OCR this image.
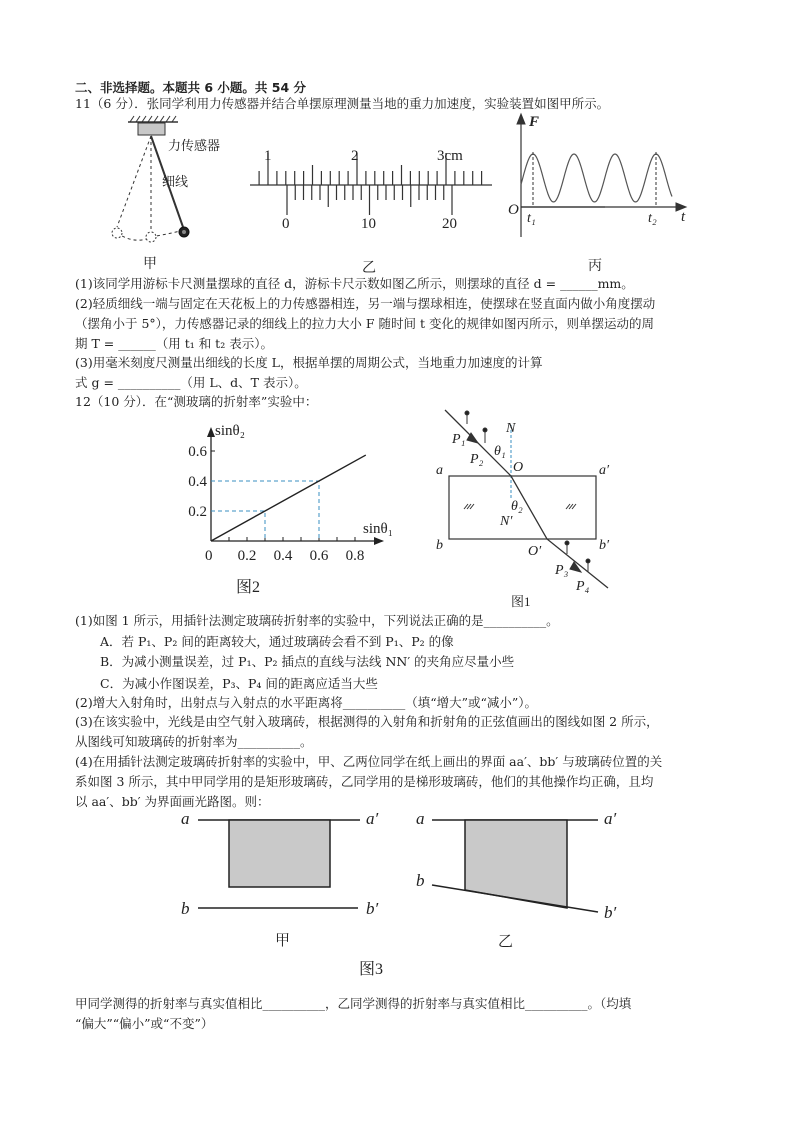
二、非选择题。本题共 6 小题。共 54 分
11（6 分）．张同学利用力传感器并结合单摆原理测量当地的重力加速度，实验装置如图甲所示。
力传感器
细线
甲
1	2	3cm
0	10	20
乙
F
O
t₁	t₂ t
丙
(1)该同学用游标卡尺测量摆球的直径 d，游标卡尺示数如图乙所示，则摆球的直径 d = ______mm。
(2)轻质细线一端与固定在天花板上的力传感器相连，另一端与摆球相连，使摆球在竖直面内做小角度摆动
（摆角小于 5°），力传感器记录的细线上的拉力大小 F 随时间 t 变化的规律如图丙所示，则单摆运动的周
期 T = ______（用 t₁ 和 t₂ 表示）。
(3)用毫米刻度尺测量出细线的长度 L，根据单摆的周期公式，当地重力加速度的计算
式 g = __________（用 L、d、T 表示）。
12（10 分）．在“测玻璃的折射率”实验中：
0.2
0.4
0.6
0 0.2 0.4 0.6 0.8
sinθ₁
sinθ₂
图2
P₁
P₂
N
θ₁
O
a	a′
θ₂
N′
b	b′
O′
P₃
P₄
图1
(1)如图 1 所示，用插针法测定玻璃砖折射率的实验中，下列说法正确的是__________。
A．若 P₁、P₂ 间的距离较大，通过玻璃砖会看不到 P₁、P₂ 的像
B．为减小测量误差，过 P₁、P₂ 插点的直线与法线 NN′ 的夹角应尽量小些
C．为减小作图误差，P₃、P₄ 间的距离应适当大些
(2)增大入射角时，出射点与入射点的水平距离将__________（填“增大”或“减小”）。
(3)在该实验中，光线是由空气射入玻璃砖，根据测得的入射角和折射角的正弦值画出的图线如图 2 所示，
从图线可知玻璃砖的折射率为__________。
(4)在用插针法测定玻璃砖折射率的实验中，甲、乙两位同学在纸上画出的界面 aa′、bb′ 与玻璃砖位置的关
系如图 3 所示，其中甲同学用的是矩形玻璃砖，乙同学用的是梯形玻璃砖，他们的其他操作均正确，且均
以 aa′、bb′ 为界面画光路图。则：
a	a′
b	b′
a	a′
b
b′
甲	乙
图3
甲同学测得的折射率与真实值相比__________，乙同学测得的折射率与真实值相比__________。（均填
“偏大”“偏小”或“不变”）
